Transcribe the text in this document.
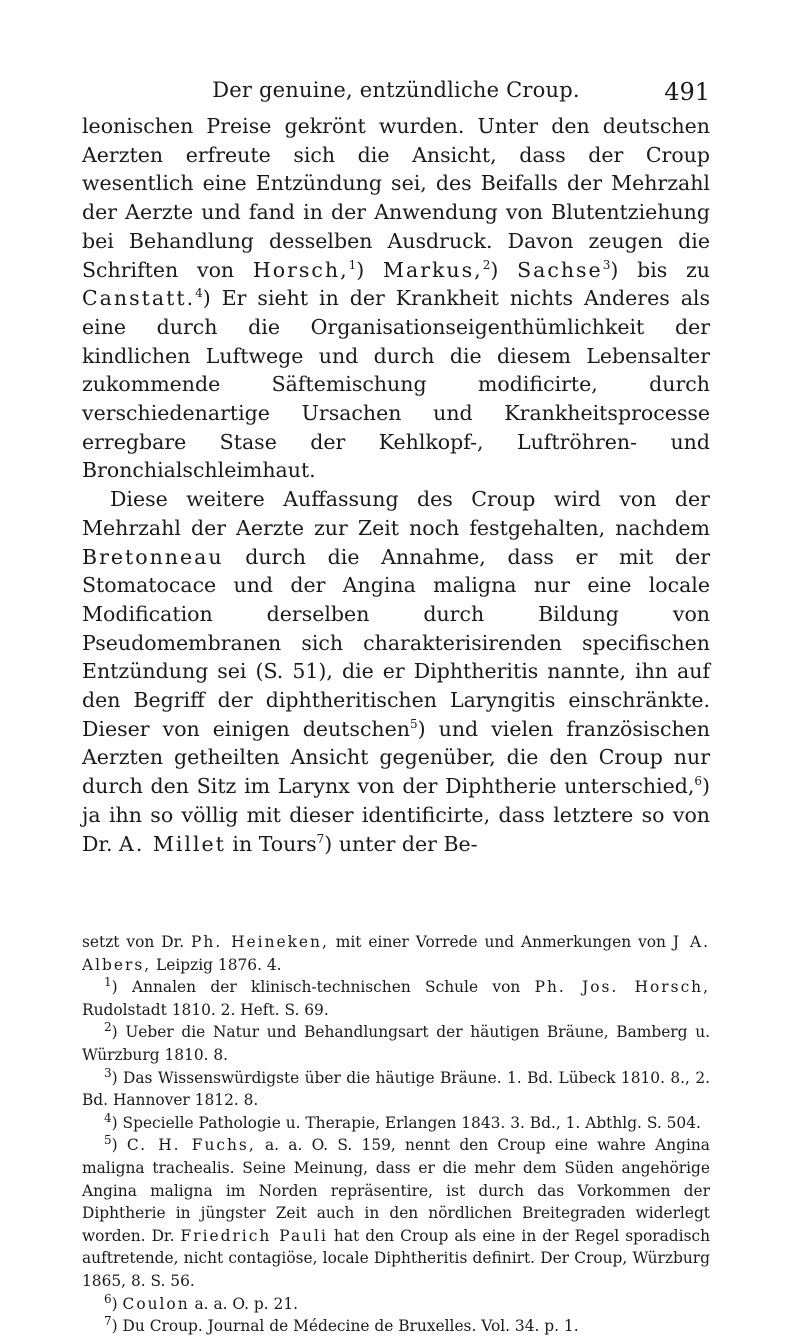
Der genuine, entzündliche Croup.	491

leonischen Preise gekrönt wurden. Unter den deutschen Aerzten erfreute sich die Ansicht, dass der Croup wesentlich eine Entzündung sei, des Beifalls der Mehrzahl der Aerzte und fand in der Anwendung von Blutentziehung bei Behandlung desselben Ausdruck. Davon zeugen die Schriften von Horsch,$^1$) Markus,$^2$) Sachse$^3$) bis zu Canstatt.$^4$) Er sieht in der Krankheit nichts Anderes als eine durch die Organisationseigenthümlichkeit der kindlichen Luftwege und durch die diesem Lebensalter zukommende Säftemischung modificirte, durch verschiedenartige Ursachen und Krankheitsprocesse erregbare Stase der Kehlkopf-, Luftröhren- und Bronchialschleimhaut.

Diese weitere Auffassung des Croup wird von der Mehrzahl der Aerzte zur Zeit noch festgehalten, nachdem Bretonneau durch die Annahme, dass er mit der Stomatocace und der Angina maligna nur eine locale Modification derselben durch Bildung von Pseudomembranen sich charakterisirenden specifischen Entzündung sei (S. 51), die er Diphtheritis nannte, ihn auf den Begriff der diphtheritischen Laryngitis einschränkte. Dieser von einigen deutschen$^5$) und vielen französischen Aerzten getheilten Ansicht gegenüber, die den Croup nur durch den Sitz im Larynx von der Diphtherie unterschied,$^6$) ja ihn so völlig mit dieser identificirte, dass letztere so von Dr. A. Millet in Tours$^7$) unter der Be-

setzt von Dr. Ph. Heineken, mit einer Vorrede und Anmerkungen von J A. Albers, Leipzig 1876. 4.

$^1$) Annalen der klinisch-technischen Schule von Ph. Jos. Horsch, Rudolstadt 1810. 2. Heft. S. 69.

$^2$) Ueber die Natur und Behandlungsart der häutigen Bräune, Bamberg u. Würzburg 1810. 8.

$^3$) Das Wissenswürdigste über die häutige Bräune. 1. Bd. Lübeck 1810. 8., 2. Bd. Hannover 1812. 8.

$^4$) Specielle Pathologie u. Therapie, Erlangen 1843. 3. Bd., 1. Abthlg. S. 504.

$^5$) C. H. Fuchs, a. a. O. S. 159, nennt den Croup eine wahre Angina maligna trachealis. Seine Meinung, dass er die mehr dem Süden angehörige Angina maligna im Norden repräsentire, ist durch das Vorkommen der Diphtherie in jüngster Zeit auch in den nördlichen Breitegraden widerlegt worden. Dr. Friedrich Pauli hat den Croup als eine in der Regel sporadisch auftretende, nicht contagiöse, locale Diphtheritis definirt. Der Croup, Würzburg 1865, 8. S. 56.

$^6$) Coulon a. a. O. p. 21.

$^7$) Du Croup. Journal de Médecine de Bruxelles. Vol. 34. p. 1.
